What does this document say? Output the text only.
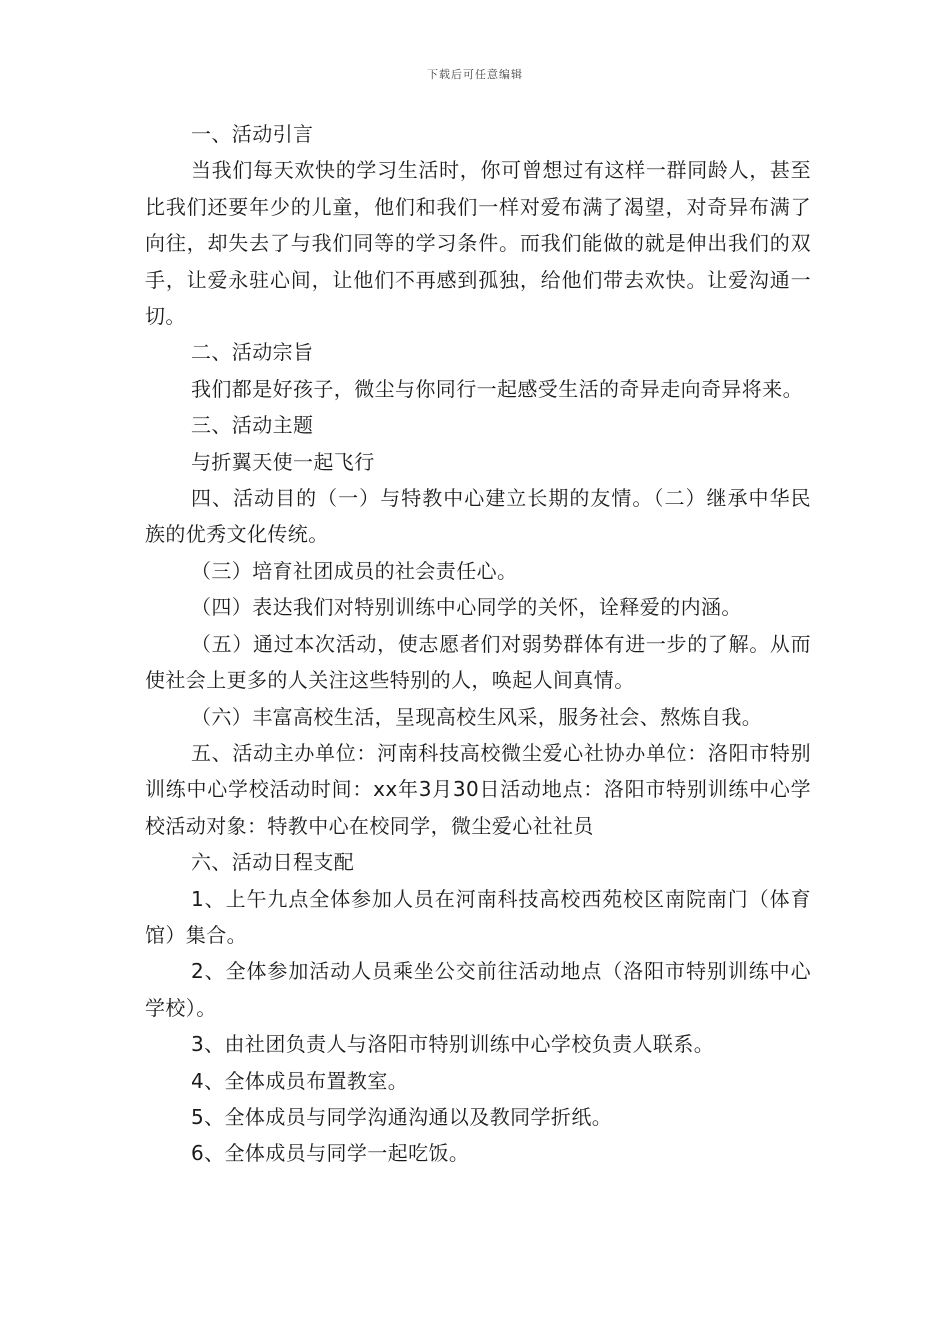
下载后可任意编辑

一、活动引言

当我们每天欢快的学习生活时，你可曾想过有这样一群同龄人，甚至比我们还要年少的儿童，他们和我们一样对爱布满了渴望，对奇异布满了向往，却失去了与我们同等的学习条件。而我们能做的就是伸出我们的双手，让爱永驻心间，让他们不再感到孤独，给他们带去欢快。让爱沟通一切。

二、活动宗旨

我们都是好孩子，微尘与你同行一起感受生活的奇异走向奇异将来。

三、活动主题

与折翼天使一起飞行

四、活动目的（一）与特教中心建立长期的友情。（二）继承中华民族的优秀文化传统。

（三）培育社团成员的社会责任心。

（四）表达我们对特别训练中心同学的关怀，诠释爱的内涵。

（五）通过本次活动，使志愿者们对弱势群体有进一步的了解。从而使社会上更多的人关注这些特别的人，唤起人间真情。

（六）丰富高校生活，呈现高校生风采，服务社会、熬炼自我。

五、活动主办单位：河南科技高校微尘爱心社协办单位：洛阳市特别训练中心学校活动时间：xx年3月30日活动地点：洛阳市特别训练中心学校活动对象：特教中心在校同学，微尘爱心社社员

六、活动日程支配

1、上午九点全体参加人员在河南科技高校西苑校区南院南门（体育馆）集合。

2、全体参加活动人员乘坐公交前往活动地点（洛阳市特别训练中心学校）。

3、由社团负责人与洛阳市特别训练中心学校负责人联系。

4、全体成员布置教室。

5、全体成员与同学沟通沟通以及教同学折纸。

6、全体成员与同学一起吃饭。
